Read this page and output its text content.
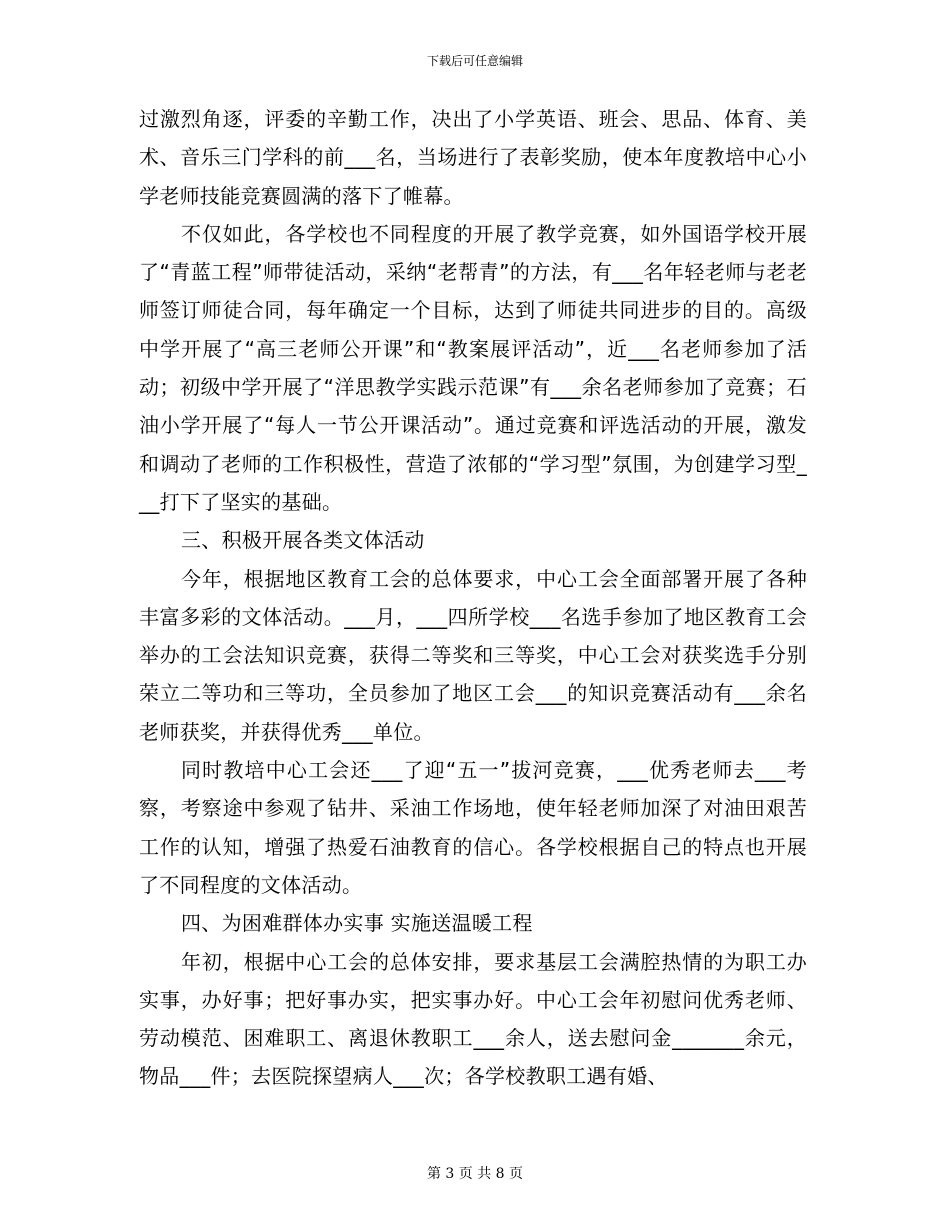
下载后可任意编辑

过激烈角逐，评委的辛勤工作，决出了小学英语、班会、思品、体育、美术、音乐三门学科的前___名，当场进行了表彰奖励，使本年度教培中心小学老师技能竞赛圆满的落下了帷幕。

不仅如此，各学校也不同程度的开展了教学竞赛，如外国语学校开展了“青蓝工程”师带徒活动，采纳“老帮青”的方法，有___名年轻老师与老老师签订师徒合同，每年确定一个目标，达到了师徒共同进步的目的。高级中学开展了“高三老师公开课”和“教案展评活动”，近___名老师参加了活动；初级中学开展了“洋思教学实践示范课”有___余名老师参加了竞赛；石油小学开展了“每人一节公开课活动”。通过竞赛和评选活动的开展，激发和调动了老师的工作积极性，营造了浓郁的“学习型”氛围，为创建学习型___打下了坚实的基础。

三、积极开展各类文体活动

今年，根据地区教育工会的总体要求，中心工会全面部署开展了各种丰富多彩的文体活动。___月，___四所学校___名选手参加了地区教育工会举办的工会法知识竞赛，获得二等奖和三等奖，中心工会对获奖选手分别荣立二等功和三等功，全员参加了地区工会___的知识竞赛活动有___余名老师获奖，并获得优秀___单位。

同时教培中心工会还___了迎“五一”拔河竞赛，___优秀老师去___考察，考察途中参观了钻井、采油工作场地，使年轻老师加深了对油田艰苦工作的认知，增强了热爱石油教育的信心。各学校根据自己的特点也开展了不同程度的文体活动。

四、为困难群体办实事 实施送温暖工程

年初，根据中心工会的总体安排，要求基层工会满腔热情的为职工办实事，办好事；把好事办实，把实事办好。中心工会年初慰问优秀老师、劳动模范、困难职工、离退休教职工___余人，送去慰问金_______余元，物品___件；去医院探望病人___次；各学校教职工遇有婚、

第 3 页 共 8 页
